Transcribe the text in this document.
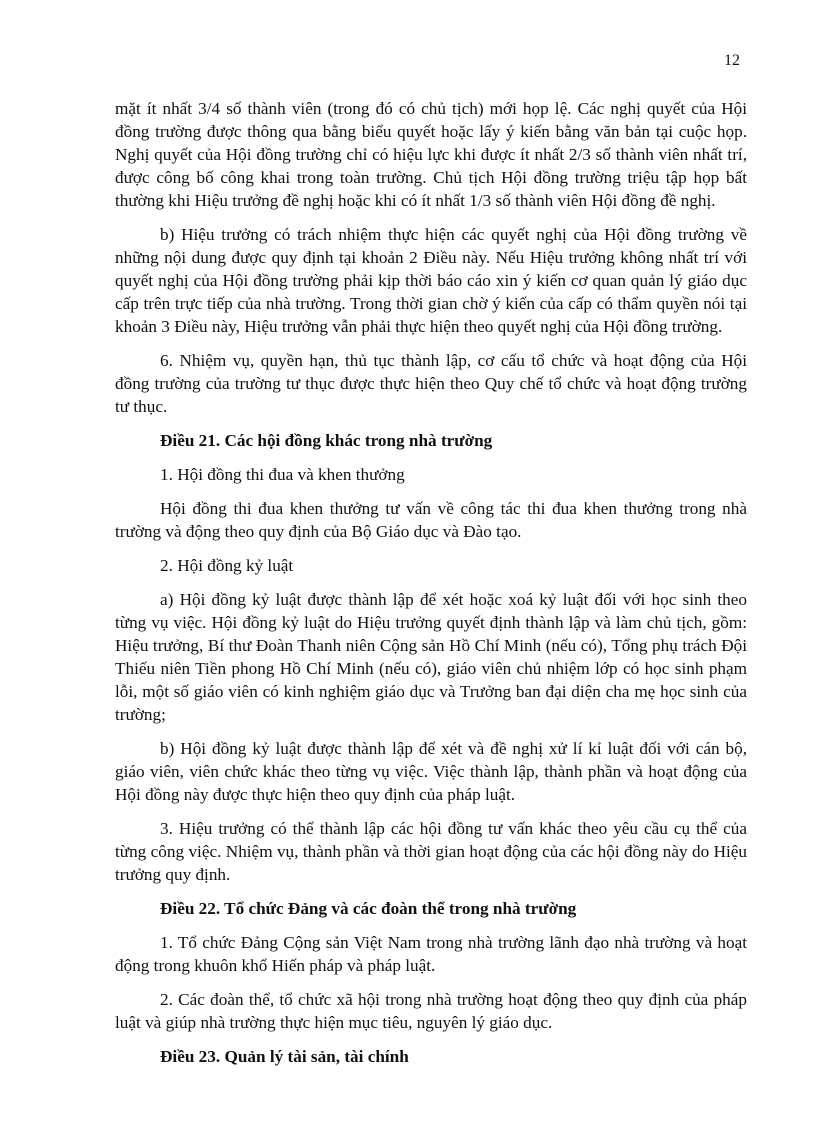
12

mặt ít nhất 3/4 số thành viên (trong đó có chủ tịch) mới họp lệ. Các nghị quyết của Hội đồng trường được thông qua bằng biểu quyết hoặc lấy ý kiến bằng văn bản tại cuộc họp. Nghị quyết của Hội đồng trường chỉ có hiệu lực khi được ít nhất 2/3 số thành viên nhất trí, được công bố công khai trong toàn trường. Chủ tịch Hội đồng trường triệu tập họp bất thường khi Hiệu trưởng đề nghị hoặc khi có ít nhất 1/3 số thành viên Hội đồng đề nghị.

b) Hiệu trưởng có trách nhiệm thực hiện các quyết nghị của Hội đồng trường về những nội dung được quy định tại khoản 2 Điều này. Nếu Hiệu trưởng không nhất trí với quyết nghị của Hội đồng trường phải kịp thời báo cáo xin ý kiến cơ quan quản lý giáo dục cấp trên trực tiếp của nhà trường. Trong thời gian chờ ý kiến của cấp có thẩm quyền nói tại khoản 3 Điều này, Hiệu trưởng vẫn phải thực hiện theo quyết nghị của Hội đồng trường.

6. Nhiệm vụ, quyền hạn, thủ tục thành lập, cơ cấu tổ chức và hoạt động của Hội đồng trường của trường tư thục được thực hiện theo Quy chế tổ chức và hoạt động trường tư thục.

Điều 21. Các hội đồng khác trong nhà trường

1. Hội đồng thi đua và khen thưởng

Hội đồng thi đua khen thưởng tư vấn về công tác thi đua khen thưởng trong nhà trường và động theo quy định của Bộ Giáo dục và Đào tạo.

2. Hội đồng kỷ luật

a) Hội đồng kỷ luật được thành lập để xét hoặc xoá kỷ luật đối với học sinh theo từng vụ việc. Hội đồng kỷ luật do Hiệu trưởng quyết định thành lập và làm chủ tịch, gồm: Hiệu trưởng, Bí thư Đoàn Thanh niên Cộng sản Hồ Chí Minh (nếu có), Tổng phụ trách Đội Thiếu niên Tiền phong Hồ Chí Minh (nếu có), giáo viên chủ nhiệm lớp có học sinh phạm lỗi, một số giáo viên có kinh nghiệm giáo dục và Trưởng ban đại diện cha mẹ học sinh của trường;

b) Hội đồng kỷ luật được thành lập để xét và đề nghị xử lí kỉ luật đối với cán bộ, giáo viên, viên chức khác theo từng vụ việc. Việc thành lập, thành phần và hoạt động của Hội đồng này được thực hiện theo quy định của pháp luật.

3. Hiệu trưởng có thể thành lập các hội đồng tư vấn khác theo yêu cầu cụ thể của từng công việc. Nhiệm vụ, thành phần và thời gian hoạt động của các hội đồng này do Hiệu trưởng quy định.

Điều 22. Tổ chức Đảng và các đoàn thể trong nhà trường

1. Tổ chức Đảng Cộng sản Việt Nam trong nhà trường lãnh đạo nhà trường và hoạt động trong khuôn khổ Hiến pháp và pháp luật.

2. Các đoàn thể, tổ chức xã hội trong nhà trường hoạt động theo quy định của pháp luật và giúp nhà trường thực hiện mục tiêu, nguyên lý giáo dục.

Điều 23. Quản lý tài sản, tài chính
